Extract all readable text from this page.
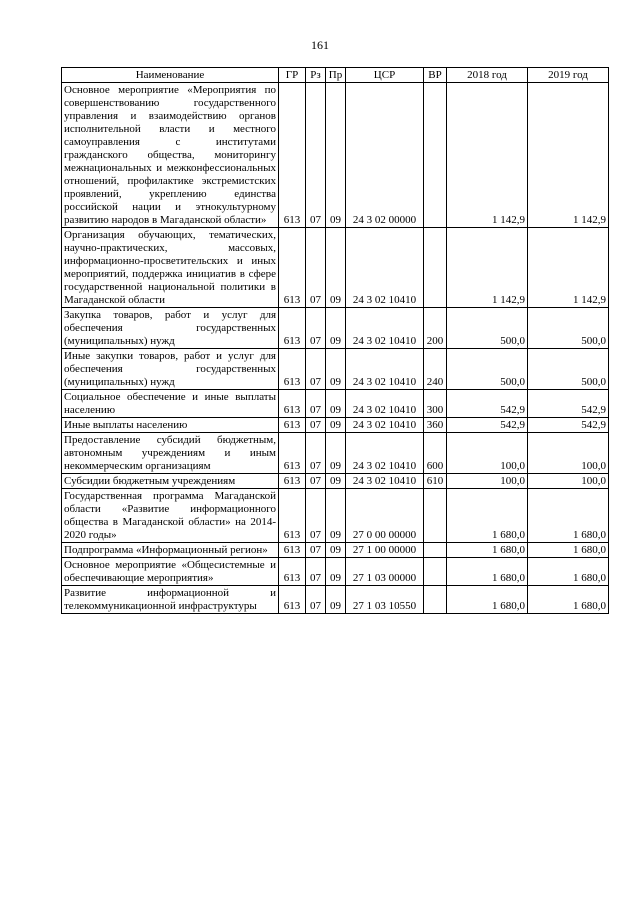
161
Наименование	ГР	Рз	Пр	ЦСР	ВР	2018 год	2019 год
Основное мероприятие «Мероприятия по совершенствованию государственного управления и взаимодействию органов исполнительной власти и местного самоуправления с институтами гражданского общества, мониторингу межнациональных и межконфессиональных отношений, профилактике экстремистских проявлений, укреплению единства российской нации и этнокультурному развитию народов в Магаданской области»	613	07	09	24 3 02 00000		1 142,9	1 142,9
Организация обучающих, тематических, научно-практических, массовых, информационно-просветительских и иных мероприятий, поддержка инициатив в сфере государственной национальной политики в Магаданской области	613	07	09	24 3 02 10410		1 142,9	1 142,9
Закупка товаров, работ и услуг для обеспечения государственных (муниципальных) нужд	613	07	09	24 3 02 10410	200	500,0	500,0
Иные закупки товаров, работ и услуг для обеспечения государственных (муниципальных) нужд	613	07	09	24 3 02 10410	240	500,0	500,0
Социальное обеспечение и иные выплаты населению	613	07	09	24 3 02 10410	300	542,9	542,9
Иные выплаты населению	613	07	09	24 3 02 10410	360	542,9	542,9
Предоставление субсидий бюджетным, автономным учреждениям и иным некоммерческим организациям	613	07	09	24 3 02 10410	600	100,0	100,0
Субсидии бюджетным учреждениям	613	07	09	24 3 02 10410	610	100,0	100,0
Государственная программа Магаданской области «Развитие информационного общества в Магаданской области» на 2014-2020 годы»	613	07	09	27 0 00 00000		1 680,0	1 680,0
Подпрограмма «Информационный регион»	613	07	09	27 1 00 00000		1 680,0	1 680,0
Основное мероприятие «Общесистемные и обеспечивающие мероприятия»	613	07	09	27 1 03 00000		1 680,0	1 680,0
Развитие информационной и телекоммуникационной инфраструктуры	613	07	09	27 1 03 10550		1 680,0	1 680,0
